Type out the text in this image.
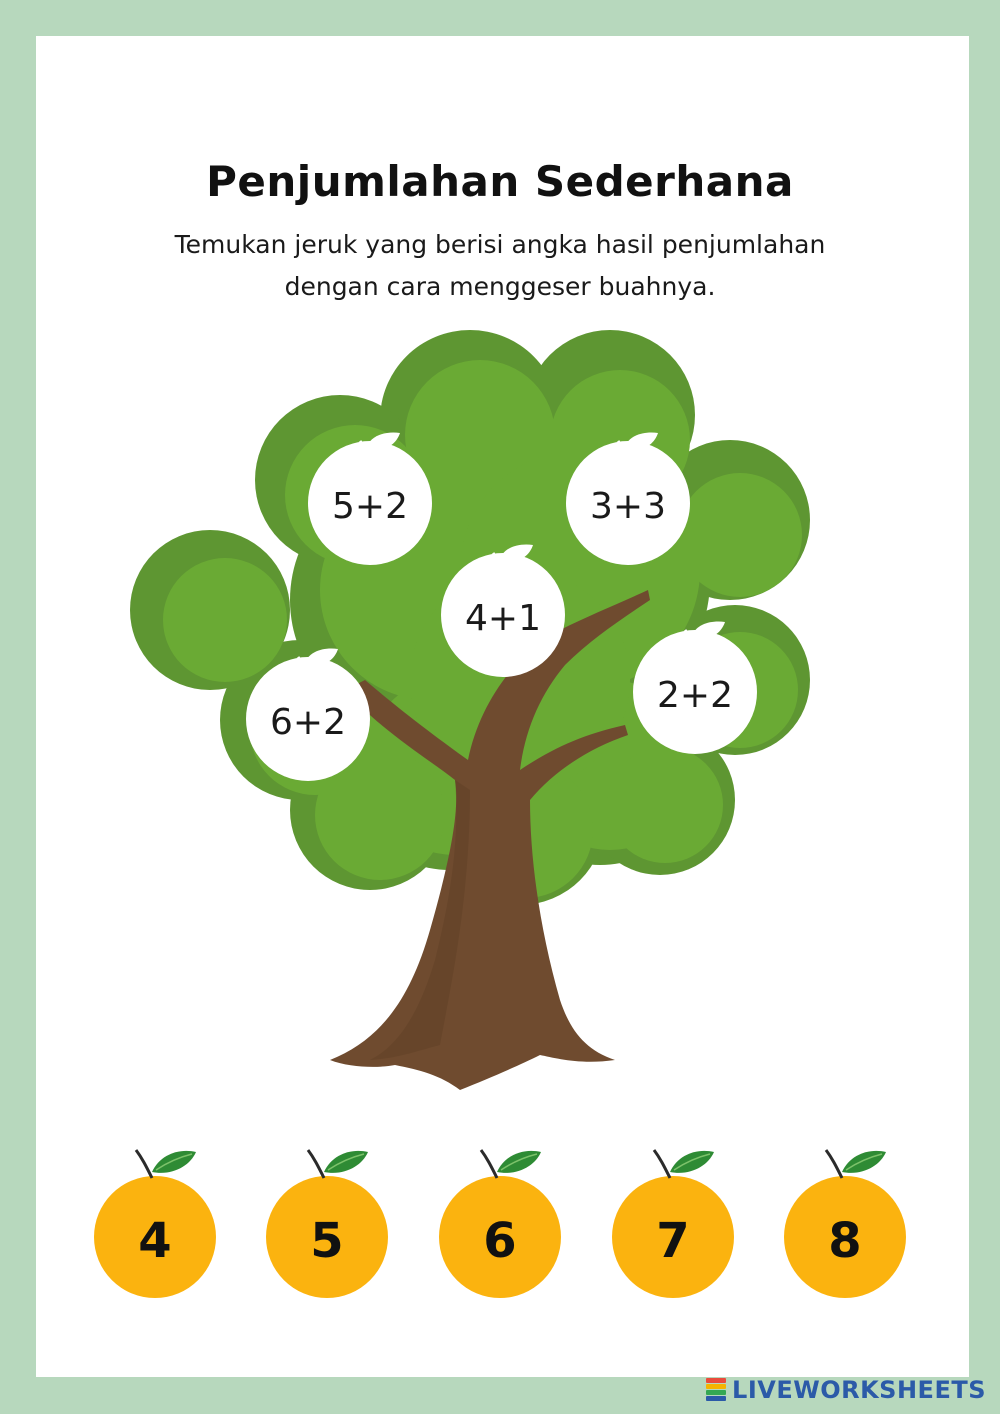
Penjumlahan Sederhana
Temukan jeruk yang berisi angka hasil penjumlahan
dengan cara menggeser buahnya.
5+2	3+3
4+1
6+2
2+2
4	5	6	7	8
LIVEWORKSHEETS
